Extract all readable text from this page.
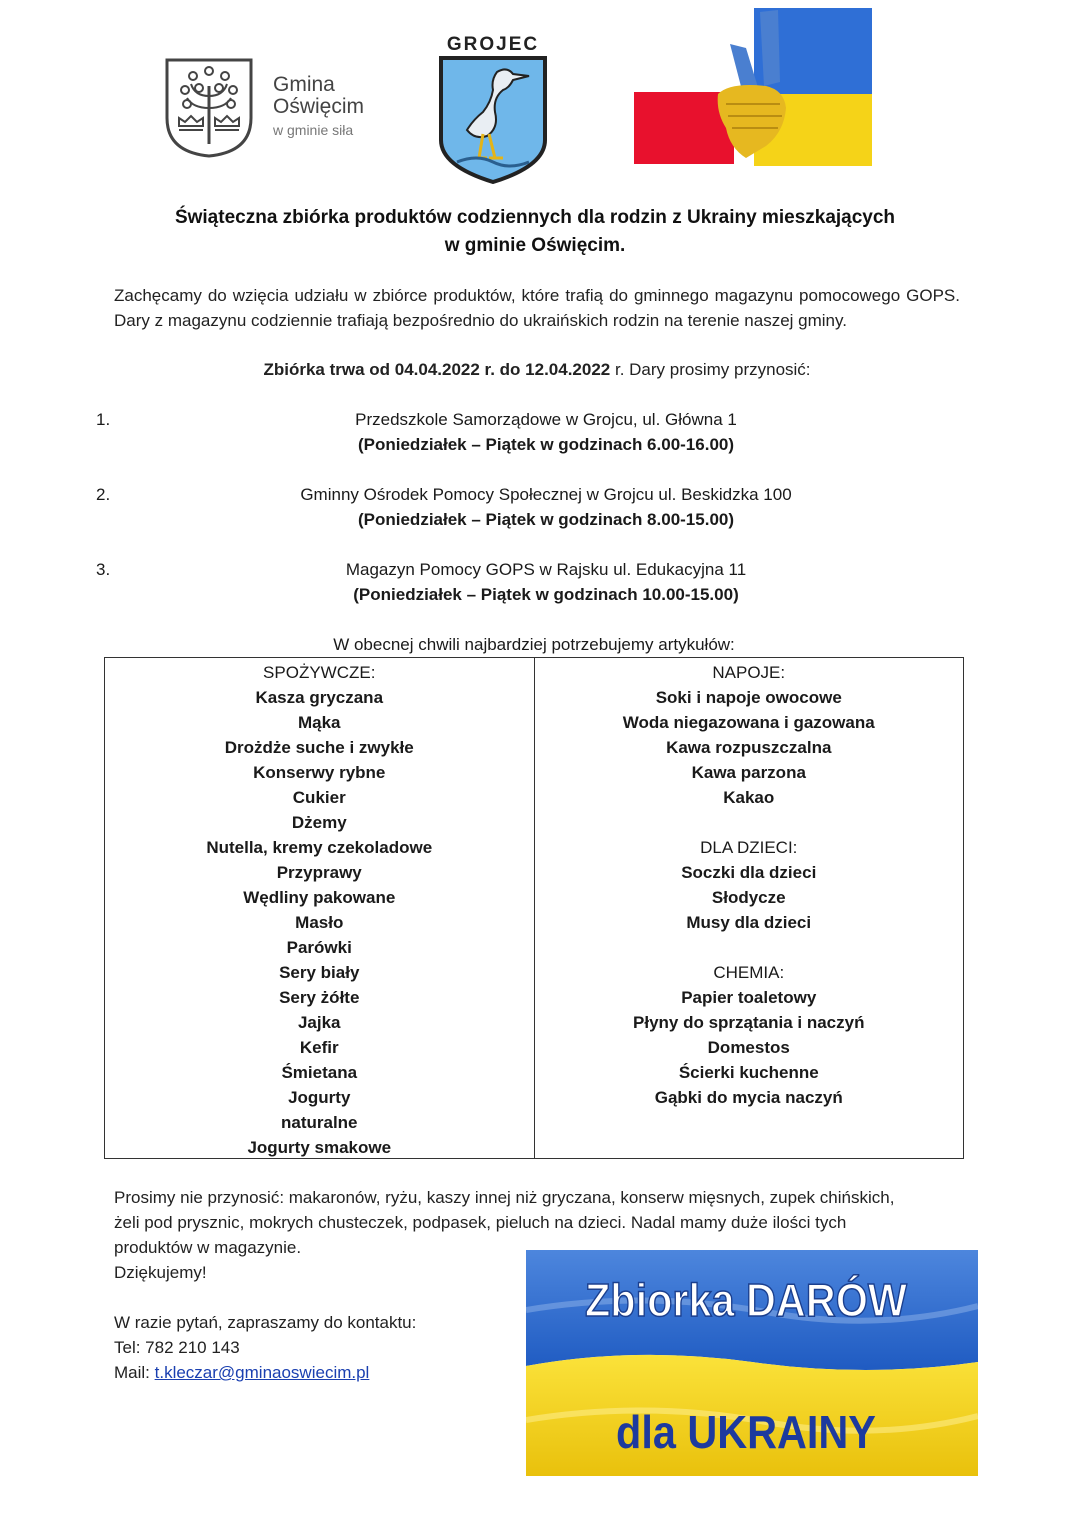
Gmina
Oświęcim
w gminie siła
GROJEC
Świąteczna zbiórka produktów codziennych dla rodzin z Ukrainy mieszkających
w gminie Oświęcim.
Zachęcamy do wzięcia udziału w zbiórce produktów, które trafią do gminnego magazynu pomocowego GOPS. Dary z magazynu codziennie trafiają bezpośrednio do ukraińskich rodzin na terenie naszej gminy.
Zbiórka trwa od 04.04.2022 r. do 12.04.2022 r. Dary prosimy przynosić:
1.	Przedszkole Samorządowe w Grojcu, ul. Główna 1
(Poniedziałek – Piątek w godzinach 6.00-16.00)
2.	Gminny Ośrodek Pomocy Społecznej w Grojcu ul. Beskidzka 100
(Poniedziałek – Piątek w godzinach 8.00-15.00)
3.	Magazyn Pomocy GOPS w Rajsku ul. Edukacyjna 11
(Poniedziałek – Piątek w godzinach 10.00-15.00)
W obecnej chwili najbardziej potrzebujemy artykułów:
SPOŻYWCZE:
Kasza gryczana
Mąka
Drożdże suche i zwykłe
Konserwy rybne
Cukier
Dżemy
Nutella, kremy czekoladowe
Przyprawy
Wędliny pakowane
Masło
Parówki
Sery biały
Sery żółte
Jajka
Kefir
Śmietana
Jogurty
naturalne
Jogurty smakowe
NAPOJE:
Soki i napoje owocowe
Woda niegazowana i gazowana
Kawa rozpuszczalna
Kawa parzona
Kakao
DLA DZIECI:
Soczki dla dzieci
Słodycze
Musy dla dzieci
CHEMIA:
Papier toaletowy
Płyny do sprzątania i naczyń
Domestos
Ścierki kuchenne
Gąbki do mycia naczyń
Prosimy nie przynosić: makaronów, ryżu, kaszy innej niż gryczana, konserw mięsnych, zupek chińskich,
żeli pod prysznic, mokrych chusteczek, podpasek, pieluch na dzieci. Nadal mamy duże ilości tych
produktów w magazynie.
Dziękujemy!
W razie pytań, zapraszamy do kontaktu:
Tel: 782 210 143
Mail: t.kleczar@gminaoswiecim.pl
Zbiorka DARÓW
dla UKRAINY
